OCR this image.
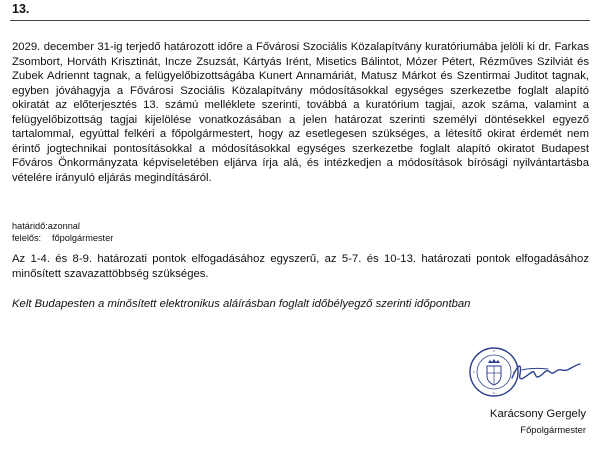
13.

2029. december 31-ig terjedő határozott időre a Fővárosi Szociális Közalapítvány kuratóriumába jelöli ki dr. Farkas Zsombort, Horváth Krisztinát, Incze Zsuzsát, Kártyás Irént, Misetics Bálintot, Mózer Pétert, Rézműves Szilviát és Zubek Adriennt tagnak, a felügyelőbizottságába Kunert Annamáriát, Matusz Márkot és Szentirmai Juditot tagnak, egyben jóváhagyja a Fővárosi Szociális Közalapítvány módosításokkal egységes szerkezetbe foglalt alapító okiratát az előterjesztés 13. számú melléklete szerinti, továbbá a kuratórium tagjai, azok száma, valamint a felügyelőbizottság tagjai kijelölése vonatkozásában a jelen határozat szerinti személyi döntésekkel egyező tartalommal, egyúttal felkéri a főpolgármestert, hogy az esetlegesen szükséges, a létesítő okirat érdemét nem érintő jogtechnikai pontosításokkal a módosításokkal egységes szerkezetbe foglalt alapító okiratot Budapest Főváros Önkormányzata képviseletében eljárva írja alá, és intézkedjen a módosítások bírósági nyilvántartásba vételére irányuló eljárás megindításáról.

határidő:azonnal
felelős: főpolgármester

Az 1-4. és 8-9. határozati pontok elfogadásához egyszerű, az 5-7. és 10-13. határozati pontok elfogadásához minősített szavazattöbbség szükséges.

Kelt Budapesten a minősített elektronikus aláírásban foglalt időbélyegző szerinti időpontban

Karácsony Gergely
Főpolgármester
